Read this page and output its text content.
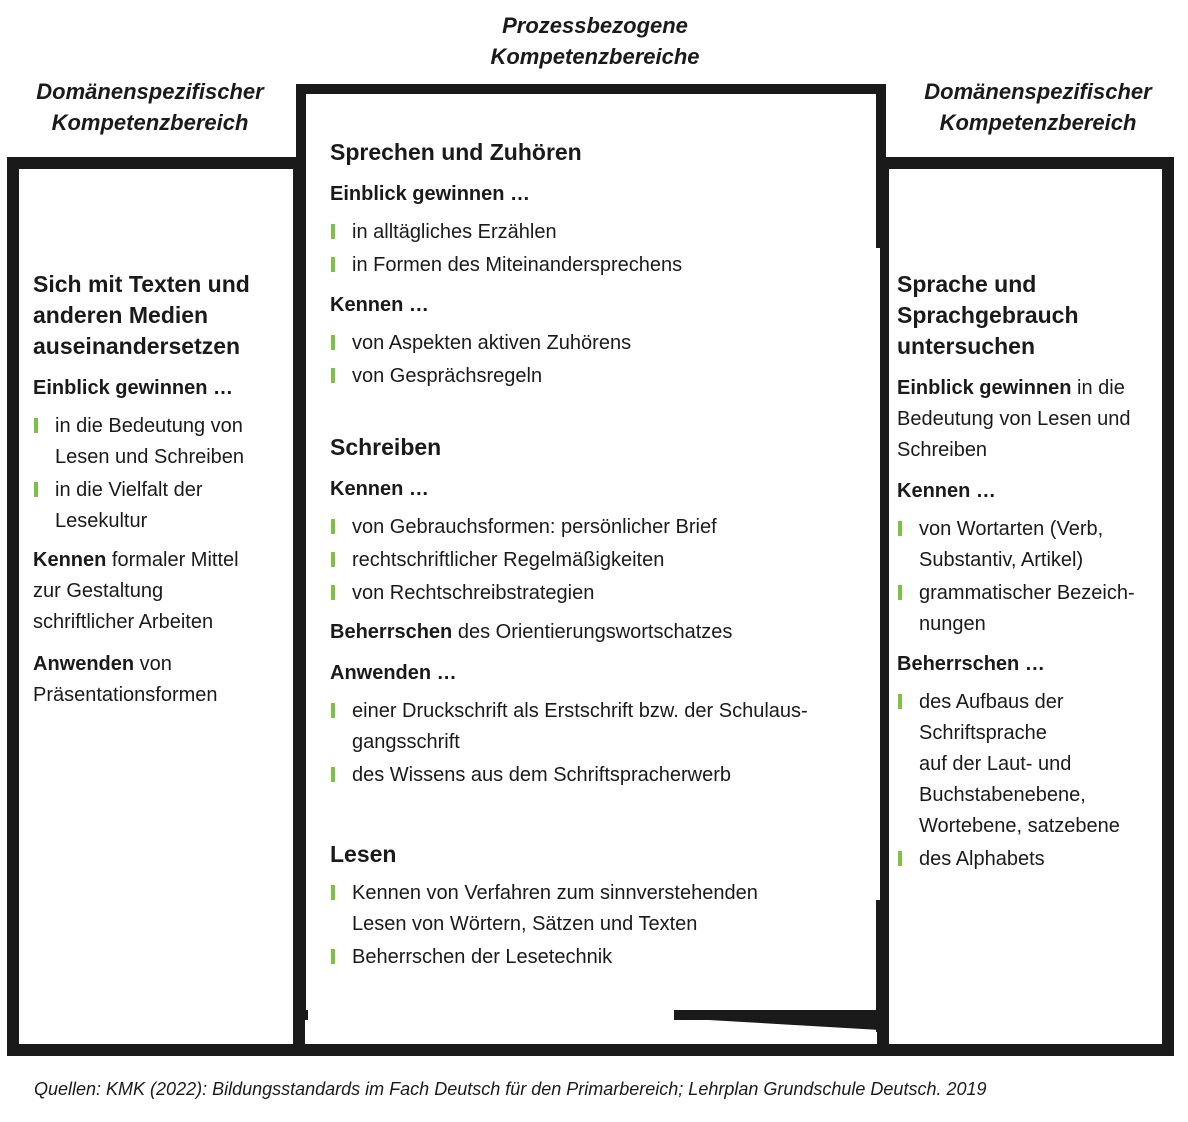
Prozessbezogene
Kompetenzbereiche
Domänenspezifischer
Kompetenzbereich
Domänenspezifischer
Kompetenzbereich
Sich mit Texten und
anderen Medien
auseinandersetzen
Einblick gewinnen …
in die Bedeutung von
Lesen und Schreiben
in die Vielfalt der
Lesekultur
Kennen formaler Mittel
zur Gestaltung
schriftlicher Arbeiten
Anwenden von
Präsentationsformen
Sprechen und Zuhören
Einblick gewinnen …
in alltägliches Erzählen
in Formen des Miteinandersprechens
Kennen …
von Aspekten aktiven Zuhörens
von Gesprächsregeln
Schreiben
Kennen …
von Gebrauchsformen: persönlicher Brief
rechtschriftlicher Regelmäßigkeiten
von Rechtschreibstrategien
Beherrschen des Orientierungswortschatzes
Anwenden …
einer Druckschrift als Erstschrift bzw. der Schulaus-
gangsschrift
des Wissens aus dem Schriftspracherwerb
Lesen
Kennen von Verfahren zum sinnverstehenden
Lesen von Wörtern, Sätzen und Texten
Beherrschen der Lesetechnik
Sprache und
Sprachgebrauch
untersuchen
Einblick gewinnen in die
Bedeutung von Lesen und
Schreiben
Kennen …
von Wortarten (Verb,
Substantiv, Artikel)
grammatischer Bezeich-
nungen
Beherrschen …
des Aufbaus der
Schriftsprache
auf der Laut- und
Buchstabenebene,
Wortebene, satzebene
des Alphabets
Quellen: KMK (2022): Bildungsstandards im Fach Deutsch für den Primarbereich; Lehrplan Grundschule Deutsch. 2019
